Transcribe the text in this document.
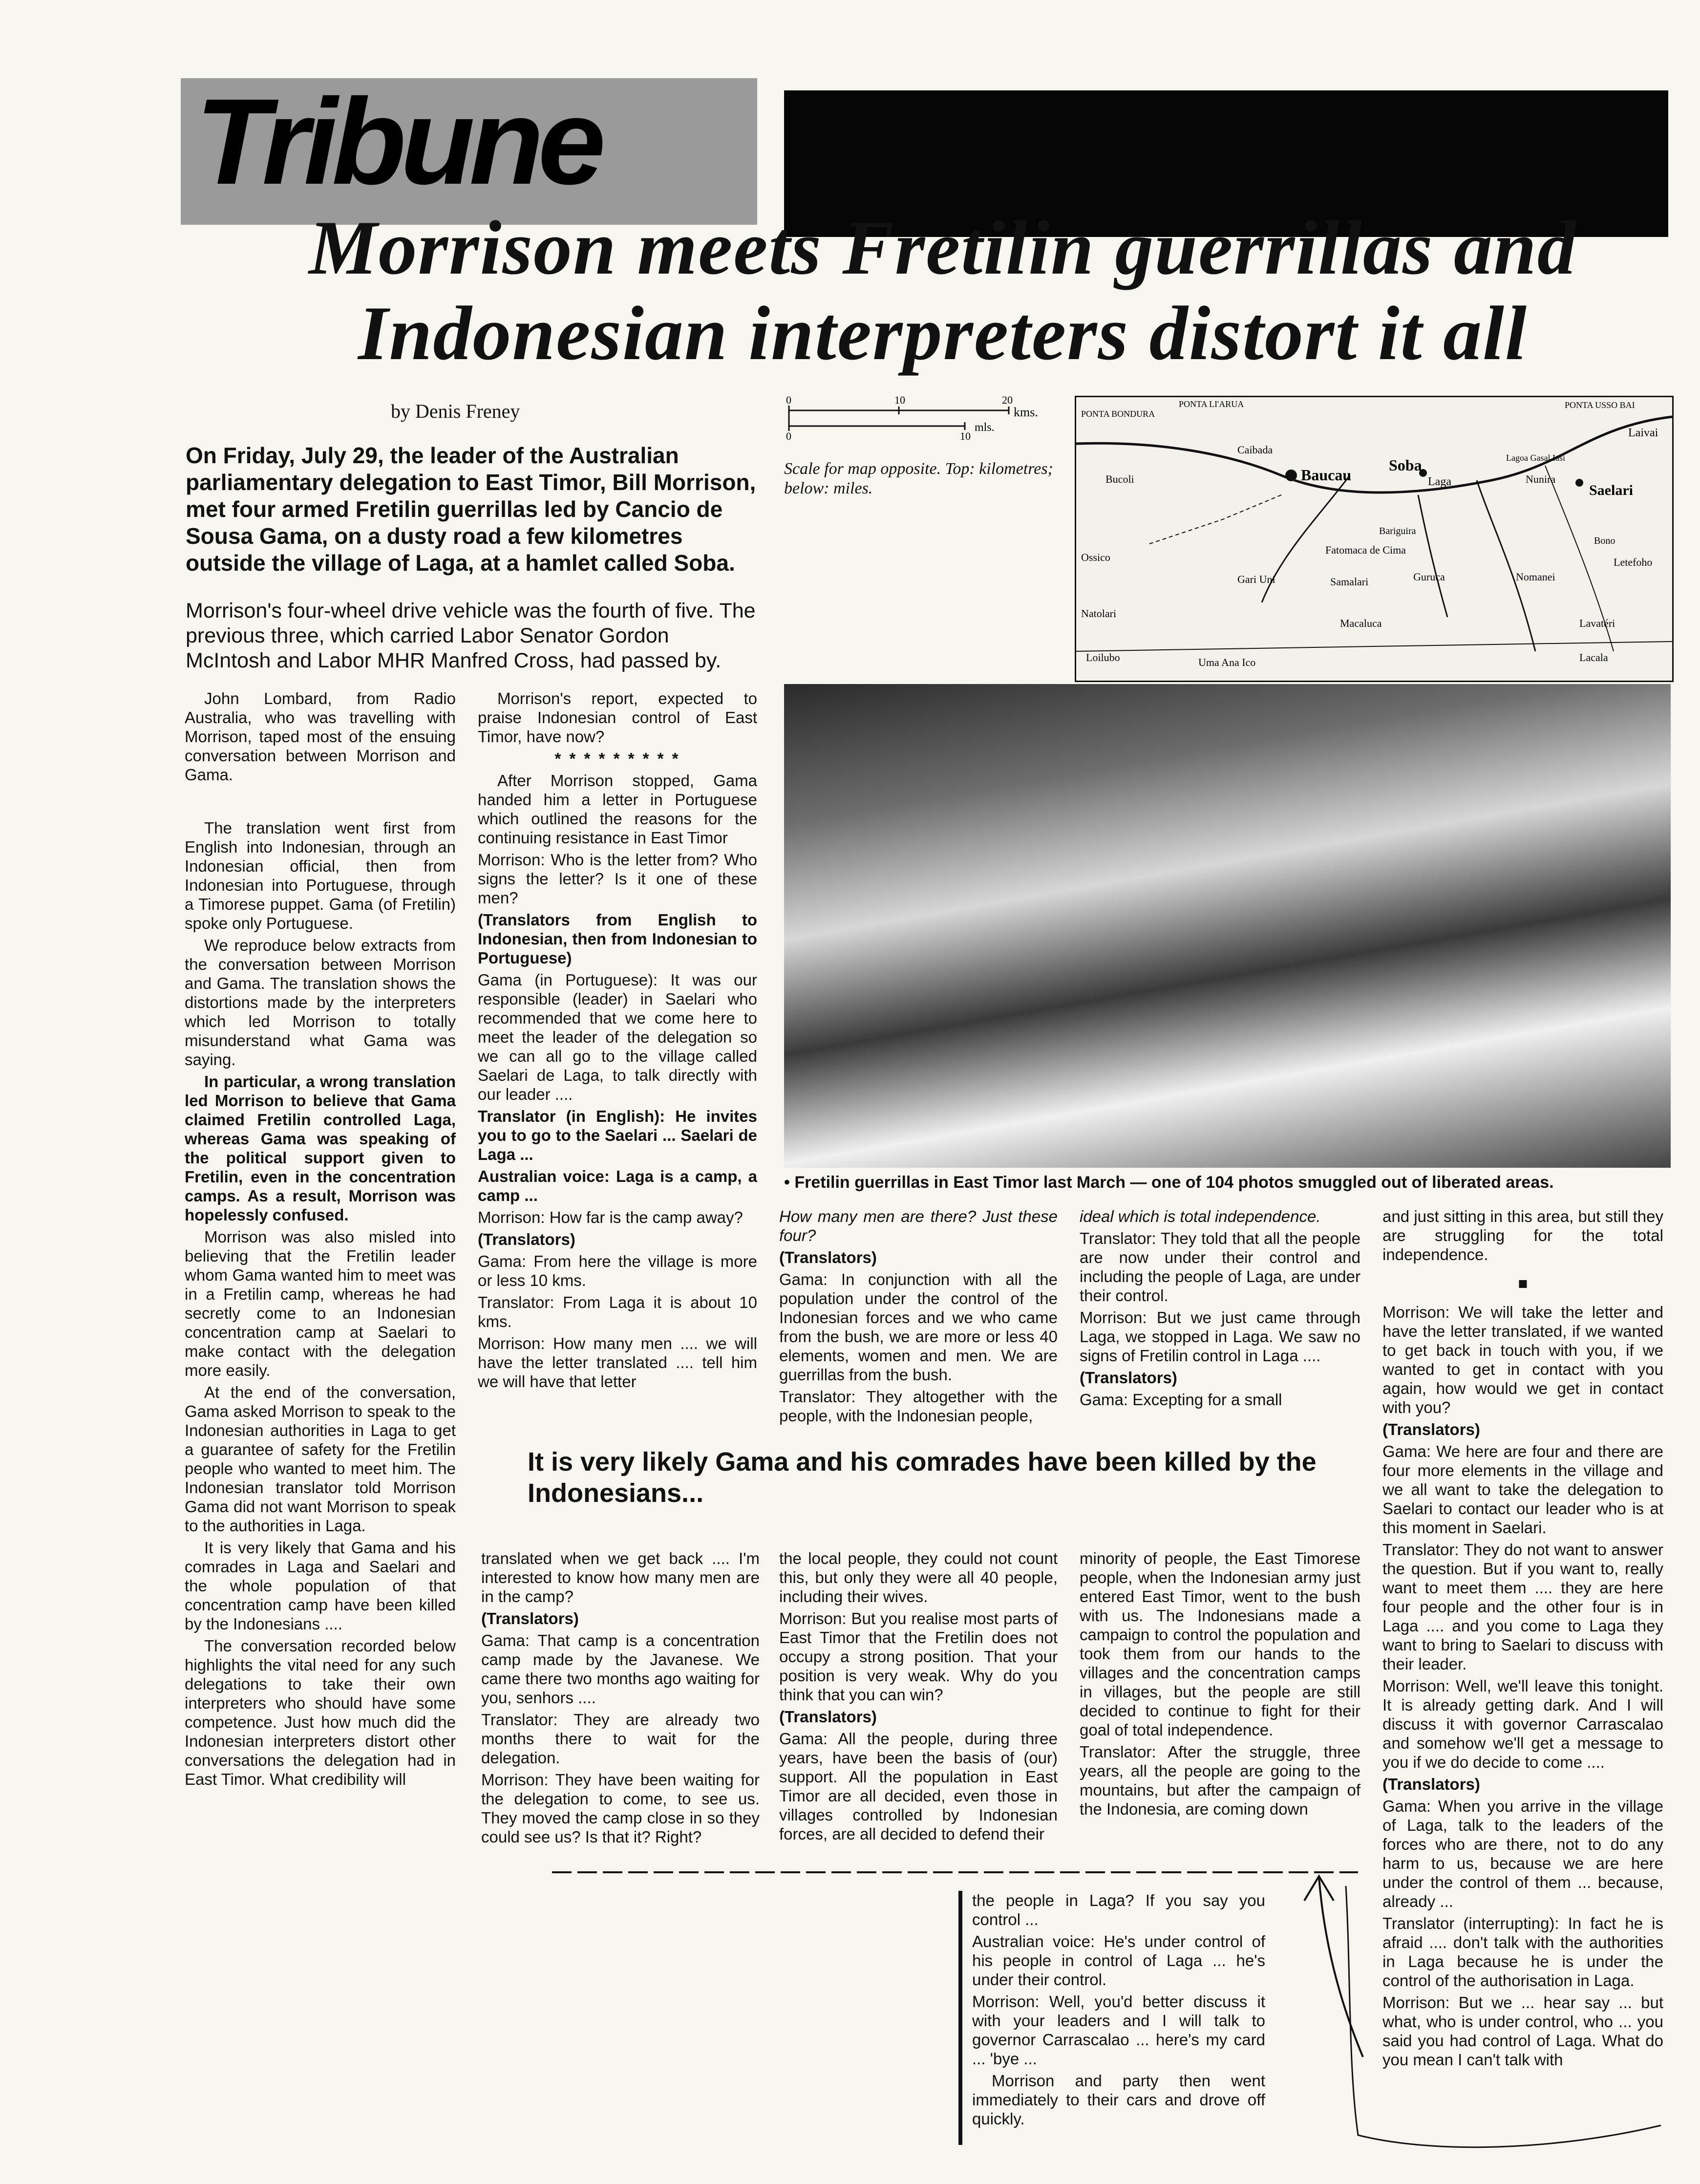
Tribune
Morrison meets Fretilin guerrillas and
Indonesian interpreters distort it all
by Denis Freney
On Friday, July 29, the leader of the Australian parliamentary delegation to East Timor, Bill Morrison, met four armed Fretilin guerrillas led by Cancio de Sousa Gama, on a dusty road a few kilometres outside the village of Laga, at a hamlet called Soba.
Morrison's four-wheel drive vehicle was the fourth of five. The previous three, which carried Labor Senator Gordon McIntosh and Labor MHR Manfred Cross, had passed by.
0	10	20
0	10
kms.
mls.
Scale for map opposite. Top: kilometres; below: miles.
PONTA BONDURA
PONTA LI'ARUA	PONTA USSO BAI
Laivai
Caibada
Baucau
Soba
Laga
Lagoa Gasal Iasi
Nunira
Saelari
Bucoli
Fatomaca de Cima
Ossico
Gari Uni	Samalari	Guruca	Nomanei
Letefoho
Natolari
Macaluca	Lavatéri
Loilubo	Uma Ana Ico
Bariguira
Lacala
Bono
• Fretilin guerrillas in East Timor last March — one of 104 photos smuggled out of liberated areas.

John Lombard, from Radio Australia, who was travelling with Morrison, taped most of the ensuing conversation between Morrison and Gama.

The translation went first from English into Indonesian, through an Indonesian official, then from Indonesian into Portuguese, through a Timorese puppet. Gama (of Fretilin) spoke only Portuguese.

We reproduce below extracts from the conversation between Morrison and Gama. The translation shows the distortions made by the interpreters which led Morrison to totally misunderstand what Gama was saying.

In particular, a wrong translation led Morrison to believe that Gama claimed Fretilin controlled Laga, whereas Gama was speaking of the political support given to Fretilin, even in the concentration camps. As a result, Morrison was hopelessly confused.

Morrison was also misled into believing that the Fretilin leader whom Gama wanted him to meet was in a Fretilin camp, whereas he had secretly come to an Indonesian concentration camp at Saelari to make contact with the delegation more easily.

At the end of the conversation, Gama asked Morrison to speak to the Indonesian authorities in Laga to get a guarantee of safety for the Fretilin people who wanted to meet him. The Indonesian translator told Morrison Gama did not want Morrison to speak to the authorities in Laga.

It is very likely that Gama and his comrades in Laga and Saelari and the whole population of that concentration camp have been killed by the Indonesians ....

The conversation recorded below highlights the vital need for any such delegations to take their own interpreters who should have some competence. Just how much did the Indonesian interpreters distort other conversations the delegation had in East Timor. What credibility will

Morrison's report, expected to praise Indonesian control of East Timor, have now?

* * * * * * * * *

After Morrison stopped, Gama handed him a letter in Portuguese which outlined the reasons for the continuing resistance in East Timor

Morrison: Who is the letter from? Who signs the letter? Is it one of these men?

(Translators from English to Indonesian, then from Indonesian to Portuguese)

Gama (in Portuguese): It was our responsible (leader) in Saelari who recommended that we come here to meet the leader of the delegation so we can all go to the village called Saelari de Laga, to talk directly with our leader ....

Translator (in English): He invites you to go to the Saelari ... Saelari de Laga ...

Australian voice: Laga is a camp, a camp ...

Morrison: How far is the camp away?

(Translators)

Gama: From here the village is more or less 10 kms.

Translator: From Laga it is about 10 kms.

Morrison: How many men .... we will have the letter translated .... tell him we will have that letter

How many men are there? Just these four?

(Translators)

Gama: In conjunction with all the population under the control of the Indonesian forces and we who came from the bush, we are more or less 40 elements, women and men. We are guerrillas from the bush.

Translator: They altogether with the people, with the Indonesian people,

ideal which is total independence.

Translator: They told that all the people are now under their control and including the people of Laga, are under their control.

Morrison: But we just came through Laga, we stopped in Laga. We saw no signs of Fretilin control in Laga ....

(Translators)

Gama: Excepting for a small

and just sitting in this area, but still they are struggling for the total independence.

■

Morrison: We will take the letter and have the letter translated, if we wanted to get back in touch with you, if we wanted to get in contact with you again, how would we get in contact with you?

(Translators)

Gama: We here are four and there are four more elements in the village and we all want to take the delegation to Saelari to contact our leader who is at this moment in Saelari.

Translator: They do not want to answer the question. But if you want to, really want to meet them .... they are here four people and the other four is in Laga .... and you come to Laga they want to bring to Saelari to discuss with their leader.

Morrison: Well, we'll leave this tonight. It is already getting dark. And I will discuss it with governor Carrascalao and somehow we'll get a message to you if we do decide to come ....

(Translators)

Gama: When you arrive in the village of Laga, talk to the leaders of the forces who are there, not to do any harm to us, because we are here under the control of them ... because, already ...

Translator (interrupting): In fact he is afraid .... don't talk with the authorities in Laga because he is under the control of the authorisation in Laga.

Morrison: But we ... hear say ... but what, who is under control, who ... you said you had control of Laga. What do you mean I can't talk with

It is very likely Gama and his comrades have been killed by the Indonesians...

translated when we get back .... I'm interested to know how many men are in the camp?

(Translators)

Gama: That camp is a concentration camp made by the Javanese. We came there two months ago waiting for you, senhors ....

Translator: They are already two months there to wait for the delegation.

Morrison: They have been waiting for the delegation to come, to see us. They moved the camp close in so they could see us? Is that it? Right?

the local people, they could not count this, but only they were all 40 people, including their wives.

Morrison: But you realise most parts of East Timor that the Fretilin does not occupy a strong position. That your position is very weak. Why do you think that you can win?

(Translators)

Gama: All the people, during three years, have been the basis of (our) support. All the population in East Timor are all decided, even those in villages controlled by Indonesian forces, are all decided to defend their

minority of people, the East Timorese people, when the Indonesian army just entered East Timor, went to the bush with us. The Indonesians made a campaign to control the population and took them from our hands to the villages and the concentration camps in villages, but the people are still decided to continue to fight for their goal of total independence.

Translator: After the struggle, three years, all the people are going to the mountains, but after the campaign of the Indonesia, are coming down

the people in Laga? If you say you control ...

Australian voice: He's under control of his people in control of Laga ... he's under their control.

Morrison: Well, you'd better discuss it with your leaders and I will talk to governor Carrascalao ... here's my card ... 'bye ...

Morrison and party then went immediately to their cars and drove off quickly.
